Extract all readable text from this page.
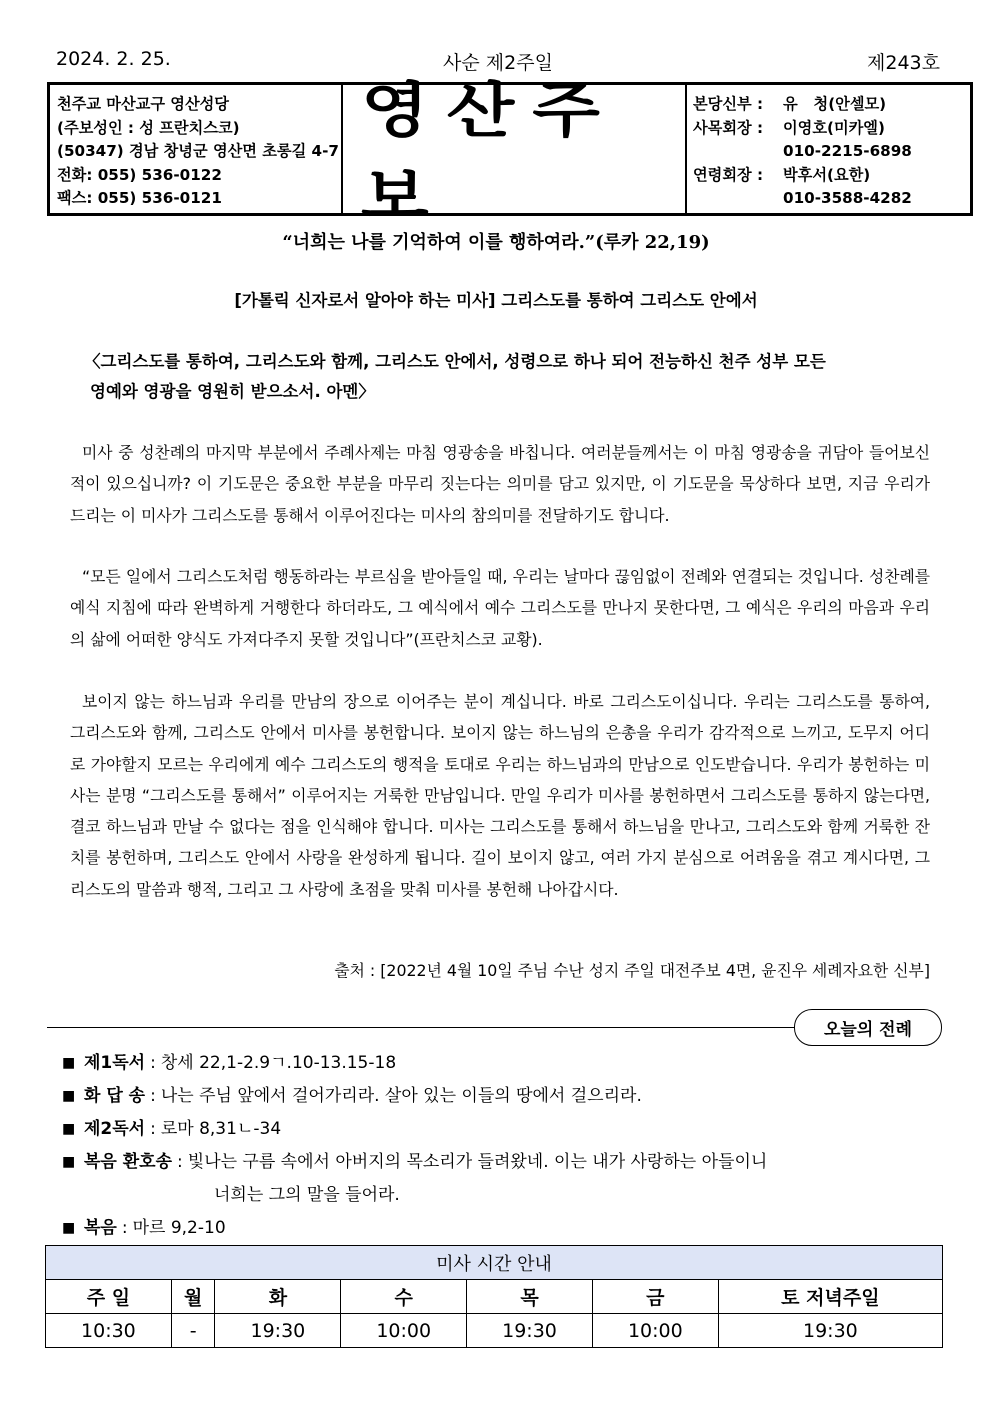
2024. 2. 25.	사순 제2주일	제243호
천주교 마산교구 영산성당
(주보성인 : 성 프란치스코)
(50347) 경남 창녕군 영산면 초롱길 4-7
전화: 055) 536-0122
팩스: 055) 536-0121
영산주보
본당신부 :	유   청(안셀모)
사목회장 :	이영호(미카엘)
010-2215-6898
연령회장 :	박후서(요한)
010-3588-4282
“너희는 나를 기억하여 이를 행하여라.”(루카 22,19)
[가톨릭 신자로서 알아야 하는 미사] 그리스도를 통하여 그리스도 안에서
〈그리스도를 통하여, 그리스도와 함께, 그리스도 안에서, 성령으로 하나 되어 전능하신 천주 성부 모든
영예와 영광을 영원히 받으소서. 아멘〉
미사 중 성찬례의 마지막 부분에서 주례사제는 마침 영광송을 바칩니다. 여러분들께서는 이 마침 영광송을 귀담아 들어보신 적이 있으십니까? 이 기도문은 중요한 부분을 마무리 짓는다는 의미를 담고 있지만, 이 기도문을 묵상하다 보면, 지금 우리가 드리는 이 미사가 그리스도를 통해서 이루어진다는 미사의 참의미를 전달하기도 합니다.
“모든 일에서 그리스도처럼 행동하라는 부르심을 받아들일 때, 우리는 날마다 끊임없이 전례와 연결되는 것입니다. 성찬례를 예식 지침에 따라 완벽하게 거행한다 하더라도, 그 예식에서 예수 그리스도를 만나지 못한다면, 그 예식은 우리의 마음과 우리의 삶에 어떠한 양식도 가져다주지 못할 것입니다”(프란치스코 교황).
보이지 않는 하느님과 우리를 만남의 장으로 이어주는 분이 계십니다. 바로 그리스도이십니다. 우리는 그리스도를 통하여, 그리스도와 함께, 그리스도 안에서 미사를 봉헌합니다. 보이지 않는 하느님의 은총을 우리가 감각적으로 느끼고, 도무지 어디로 가야할지 모르는 우리에게 예수 그리스도의 행적을 토대로 우리는 하느님과의 만남으로 인도받습니다. 우리가 봉헌하는 미사는 분명 “그리스도를 통해서” 이루어지는 거룩한 만남입니다. 만일 우리가 미사를 봉헌하면서 그리스도를 통하지 않는다면, 결코 하느님과 만날 수 없다는 점을 인식해야 합니다. 미사는 그리스도를 통해서 하느님을 만나고, 그리스도와 함께 거룩한 잔치를 봉헌하며, 그리스도 안에서 사랑을 완성하게 됩니다. 길이 보이지 않고, 여러 가지 분심으로 어려움을 겪고 계시다면, 그리스도의 말씀과 행적, 그리고 그 사랑에 초점을 맞춰 미사를 봉헌해 나아갑시다.
출처 : [2022년 4월 10일 주님 수난 성지 주일 대전주보 4면, 윤진우 세례자요한 신부]
오늘의 전례
■ 제1독서 : 창세 22,1-2.9ㄱ.10-13.15-18
■ 화 답 송 : 나는 주님 앞에서 걸어가리라. 살아 있는 이들의 땅에서 걸으리라.
■ 제2독서 : 로마 8,31ㄴ-34
■ 복음 환호송 : 빛나는 구름 속에서 아버지의 목소리가 들려왔네. 이는 내가 사랑하는 아들이니
너희는 그의 말을 들어라.
■ 복음 : 마르 9,2-10
미사 시간 안내						
주 일	월	화	수	목	금	토 저녁주일
10:30	-	19:30	10:00	19:30	10:00	19:30
